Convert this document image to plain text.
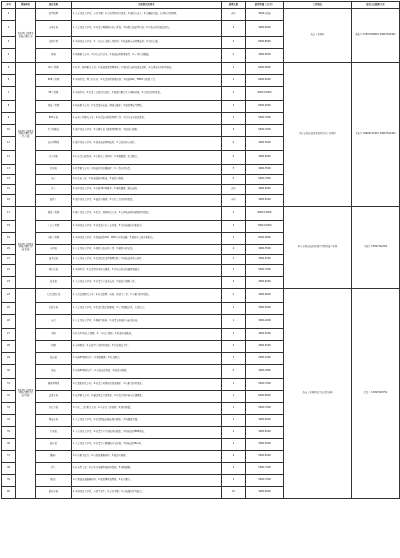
序号	所属单位	岗位名称	岗位职责及要求	招聘人数	薪资待遇（元/月）	工作地点	报名人员联系方式
1	青海恒信融锂业科技有限公司	销售经理	1.大专及以上学历，专业不限；2.有销售经验者优先；3.能适应出差；4.沟通能力强，有团队合作精神。	若干	5000+提成	海东工业园区	张先生 15597300845 18997162401
2		市场专员	1.大专及以上学历；2.负责市场调研与客户开发；3.协助完成销售目标；4.具备良好的表达能力。	5	4000-6000		
3		采购主管	1.本科及以上学历；2.三年以上采购工作经验；3.熟悉供应商管理流程；4.责任心强。	2	6000-8000		
4		财务	1.财务相关专业；2.持有会计证书；3.熟练使用财务软件；4.工作认真细致。	2	4500-6500		
5	青海恒信融锂业科技有限公司（生产部）	QC工程师	1.化学、材料相关专业；2.熟悉质量管理体系；3.能进行来料及成品检验；4.有锂电行业经验优先。	2	6000-9000	西宁市经济技术开发区甘河工业园区	王先生 18909711897 18997162401
6		PQE工程师	1.本科学历，理工科专业；2.负责制程质量控制；3.熟悉SPC、FMEA等质量工具。	2	6000-9000		
7		PE工程师	1.本科学历；2.负责工艺改进与优化；3.能独立解决生产现场问题；4.有相关经验优先。	3	6000-10000		
8		设备工程师	1.机电相关专业；2.负责设备安装、调试与维护；3.能看懂电气图纸。	3	6000-9000		
9		EHS专员	1.安全工程相关专业；2.负责安全环保管理工作；3.持有安全员证优先。	2	5000-7000		
10		生产班组长	1.高中及以上学历；2.有两年以上班组管理经验；3.能适应倒班。	6	5000-7000		
11		仓库管理员	1.高中及以上学历；2.熟悉仓储管理流程；3.会使用办公软件。	4	4000-5500		
12		叉车司机	1.持有叉车操作证；2.有相关工作经验；3.身体健康，吃苦耐劳。	4	4500-6000		
13		化验员	1.化学相关专业；2.熟悉化验仪器操作；3.工作认真负责。	5	4000-5500		
14		电工	1.持有电工证；2.熟悉高低压配电；3.能适应倒班。	4	5000-7000		
15		普工	1.初中及以上学历；2.年龄18-45周岁；3.身体健康，服从安排。	若干	4000-6000		
16		操作工	1.高中及以上学历；2.能适应倒班；3.有化工行业经验优先。	若干	4500-6500		
17	青海恒信融锂业科技有限公司（技术部）	研发工程师	1.硕士及以上学历；2.化学、材料相关专业；3.有锂电池材料研发经验优先。	3	8000-12000	西宁市经济技术开发区生物科技产业园	马先生 13997162354
18		工艺工程师	1.本科及以上学历；2.负责新产品工艺开发；3.具备较强的分析能力。	3	7000-10000		
19		分析工程师	1.本科及以上学历；2.熟练操作ICP、XRD等分析仪器；3.能独立完成分析报告。	2	6000-9000		
20		实验员	1.大专及以上学历；2.协助完成实验工作；3.做好实验记录。	4	4000-5500		
21		技术文员	1.大专及以上学历；2.负责技术文件整理归档；3.熟练使用办公软件。	1	3500-4500		
22		项目专员	1.本科学历；2.负责项目申报与跟进；3.具备良好的沟通协调能力。	2	5000-7000		
23		技术员	1.大专及以上学历；2.负责生产技术支持；3.能适应现场工作。	4	4500-6000		
24	青海恒信融锂业科技有限公司（运营部）	人力资源专员	1.人力资源相关专业；2.负责招聘、培训、绩效等工作；3.有相关经验优先。	2	4000-6000	海东工业园区临空综合经济园	汪女士 13997018752
25		行政专员	1.大专及以上学历；2.负责行政后勤事务；3.工作细致认真，有责任心。	2	3500-5000		
26		前台	1.大专及以上学历；2.形象气质佳；3.负责来访接待与电话转接。	1	3000-4000		
27		司机	1.持有C1及以上驾照；2.三年以上驾龄；3.熟悉本地路况。	2	4000-5000		
28		厨师	1.有厨师证；2.有食堂工作经验优先；3.注重食品卫生。	2	4000-5500		
29		保洁员	1.年龄55周岁以下；2.身体健康；3.吃苦耐劳。	3	2500-3200		
30		保安	1.年龄50周岁以下；2.有保安证优先；3.能适应倒班。	4	3000-3800		
31		网络管理员	1.计算机相关专业；2.负责公司网络及设备维护；3.有相关经验优先。	1	5000-7000		
32		法务专员	1.法学相关专业；2.通过司法考试优先；3.负责合同审核与法律事务。	1	6000-8000		
33		审计专员	1.审计、会计相关专业；2.有审计工作经验；3.原则性强。	1	5000-7000		
34		物流专员	1.大专及以上学历；2.负责物流运输安排与跟踪；3.沟通能力强。	2	4500-6000		
35		计划员	1.大专及以上学历；2.负责生产计划编制与跟踪；3.熟练使用ERP系统。	2	4500-6500		
36		统计员	1.大专及以上学历；2.负责生产数据统计与报表；3.熟练使用Excel。	2	3500-5000		
37		维修工	1.持有相关证书；2.有设备维修经验；3.能适应倒班。	4	5000-6500		
38		焊工	1.持有焊工证；2.有压力容器焊接经验优先；3.身体健康。	3	5500-7500		
39		管道工	1.有管道安装维修经验；2.能看懂管道图纸；3.吃苦耐劳。	3	5000-7000		
40		储备干部	1.本科及以上学历，应届毕业生；2.专业不限；3.有较强的学习能力。	10	4500-6000		
